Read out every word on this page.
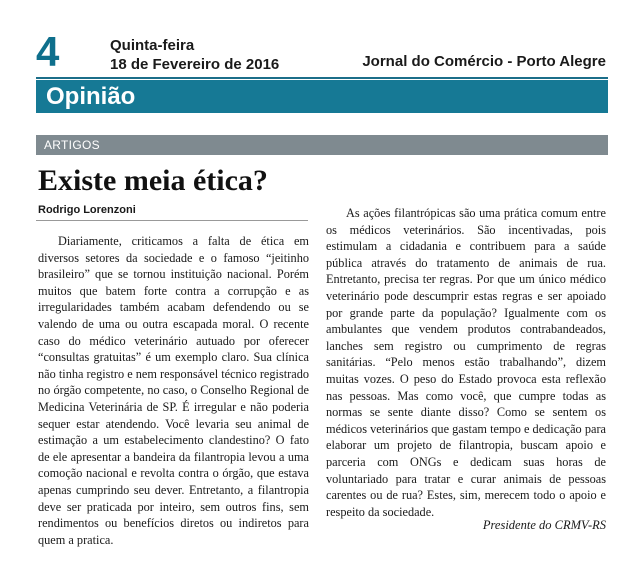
4	Quinta-feira
18 de Fevereiro de 2016	Jornal do Comércio - Porto Alegre
Opinião
ARTIGOS
Existe meia ética?
Rodrigo Lorenzoni

Diariamente, criticamos a falta de ética em diversos setores da sociedade e o famoso “jeitinho brasileiro” que se tornou instituição nacional. Porém muitos que batem forte contra a corrupção e as irregularidades também acabam defendendo ou se valendo de uma ou outra escapada moral. O recente caso do médico veterinário autuado por oferecer “consultas gratuitas” é um exemplo claro. Sua clínica não tinha registro e nem responsável técnico registrado no órgão competente, no caso, o Conselho Regional de Medicina Veterinária de SP. É irregular e não poderia sequer estar atendendo. Você levaria seu animal de estimação a um estabelecimento clandestino? O fato de ele apresentar a bandeira da filantropia levou a uma comoção nacional e revolta contra o órgão, que estava apenas cumprindo seu dever. Entretanto, a filantropia deve ser praticada por inteiro, sem outros fins, sem rendimentos ou benefícios diretos ou indiretos para quem a pratica.

As ações filantrópicas são uma prática comum entre os médicos veterinários. São incentivadas, pois estimulam a cidadania e contribuem para a saúde pública através do tratamento de animais de rua. Entretanto, precisa ter regras. Por que um único médico veterinário pode descumprir estas regras e ser apoiado por grande parte da população? Igualmente com os ambulantes que vendem produtos contrabandeados, lanches sem registro ou cumprimento de regras sanitárias. “Pelo menos estão trabalhando”, dizem muitas vozes. O peso do Estado provoca esta reflexão nas pessoas. Mas como você, que cumpre todas as normas se sente diante disso? Como se sentem os médicos veterinários que gastam tempo e dedicação para elaborar um projeto de filantropia, buscam apoio e parceria com ONGs e dedicam suas horas de voluntariado para tratar e curar animais de pessoas carentes ou de rua? Estes, sim, merecem todo o apoio e respeito da sociedade.

Presidente do CRMV-RS
